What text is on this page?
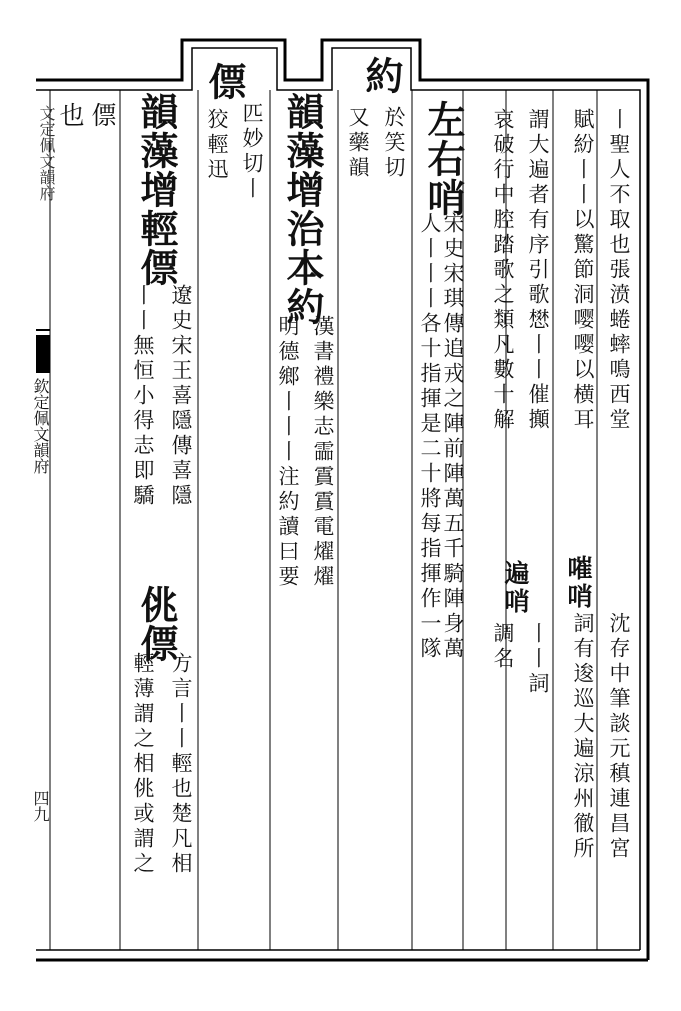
文定佩文韻府
欽定佩文韻府
四九
丨聖人不取也張𣸣蜷蟀鳴西堂
賦紛丨丨以驚節洞嘤嘤以横耳
嗺哨
沈存中筆談元稹連昌宮
詞有逡巡大遍涼州徹所
謂大遍者有序引歌𢡟丨丨催攧
哀破行中腔踏歌之類凡數十解
遍哨
丨丨詞
調名
左右哨
宋史宋琪傳追戎之陣前陣萬五千騎陣身萬
人丨丨丨各十指揮是二十將每指揮作一隊
約
於笑切
又藥韻
韻藻增治本約
漢書禮樂志霝霣霣電燿燿
明德鄉丨丨丨注約讀曰要
僄
匹妙切丨
狡輕迅
韻藻增輕僄
遼史宋王喜隱傳喜隱
丨丨無恒小得志即驕
佻僄
方言丨丨輕也楚凡相
輕薄謂之相佻或謂之
僄
也
